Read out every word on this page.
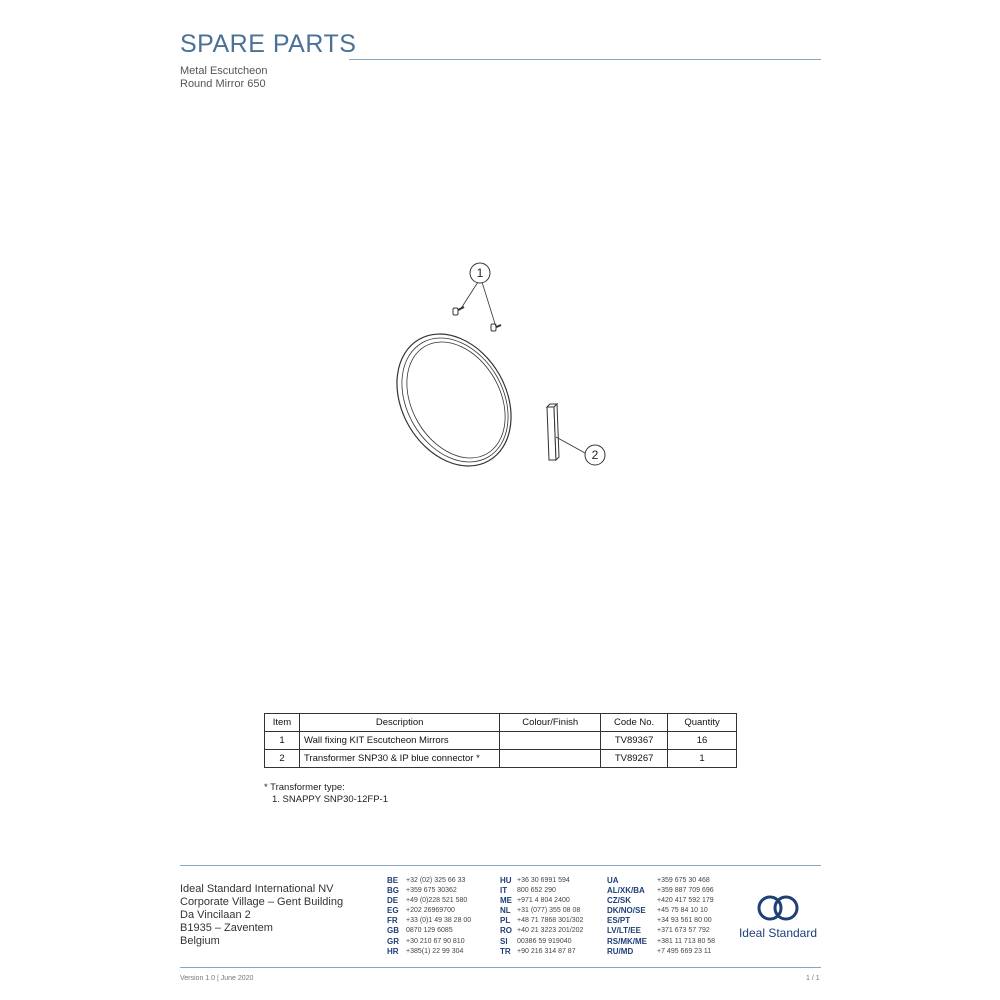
SPARE PARTS
Metal Escutcheon
Round Mirror 650
1
2
Item	Description	Colour/Finish	Code No.	Quantity
1	Wall fixing KIT Escutcheon Mirrors		TV89367	16
2	Transformer SNP30 & IP blue connector *		TV89267	1
* Transformer type:
1. SNAPPY SNP30-12FP-1
Ideal Standard International NV
Corporate Village – Gent Building
Da Vincilaan 2
B1935 – Zaventem
Belgium
BE	+32 (02) 325 66 33
BG	+359 675 30362
DE	+49 (0)228 521 580
EG	+202 26969700
FR	+33 (0)1 49 38 28 00
GB	0870 129 6085
GR	+30 210 67 90 810
HR	+385(1) 22 99 304
HU +36 30 6991 594
IT	800 652 290
ME +971 4 804 2400
NL +31 (077) 355 08 08
PL +48 71 7868 301/302
RO +40 21 3223 201/202
SI	00386 59 919040
TR +90 216 314 87 87
UA	+359 675 30 468
AL/XK/BA	+359 887 709 696
CZ/SK	+420 417 592 179
DK/NO/SE	+45 75 84 10 10
ES/PT	+34 93 561 80 00
LV/LT/EE	+371 673 57 792
RS/MK/ME	+381 11 713 80 58
RU/MD	+7 495 669 23 11
Ideal Standard
Version 1.0 | June 2020	1 / 1
